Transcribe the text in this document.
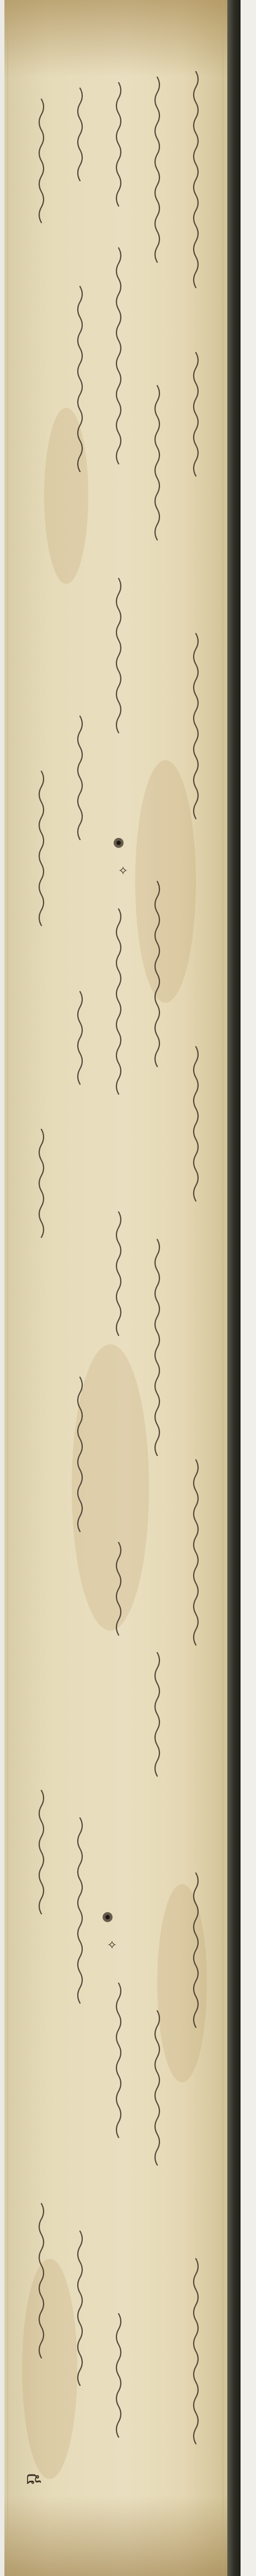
✧
✧
៥
